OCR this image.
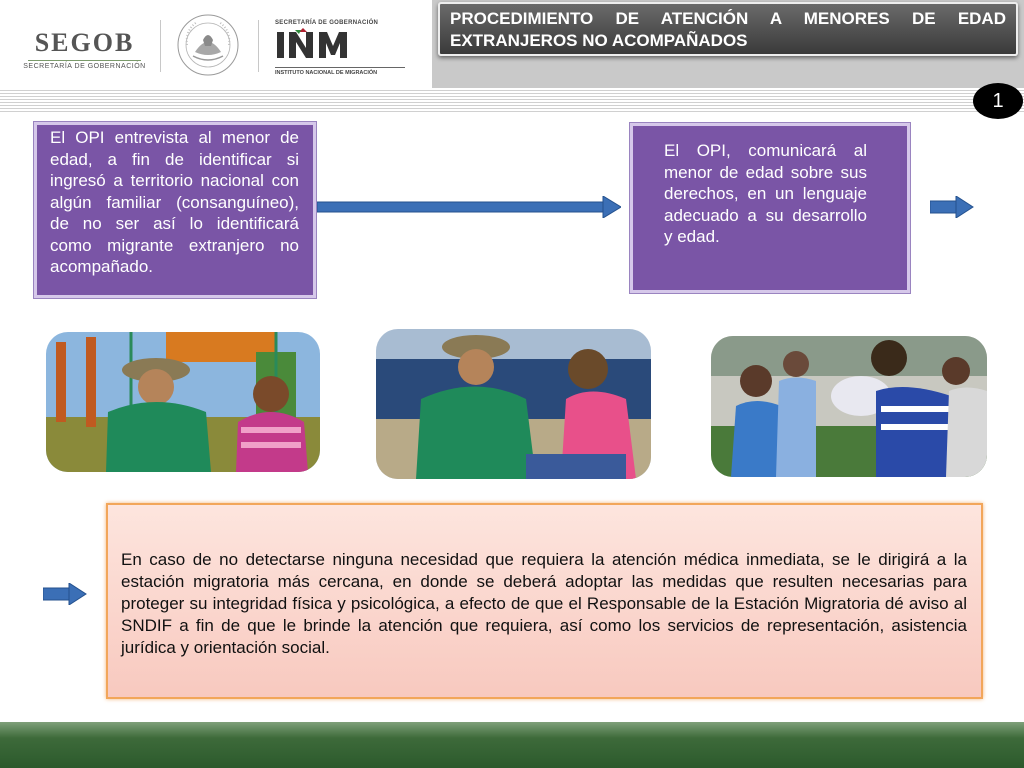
SEGOB
SECRETARÍA DE GOBERNACIÓN
SECRETARÍA DE GOBERNACIÓN
INSTITUTO NACIONAL DE MIGRACIÓN
PROCEDIMIENTO DE ATENCIÓN A MENORES DE EDAD EXTRANJEROS NO ACOMPAÑADOS
1
El OPI entrevista al menor de edad, a fin de identificar si ingresó a territorio nacional con algún familiar (consanguíneo), de no ser así lo identificará como migrante extranjero no acompañado.
El OPI, comunicará al menor de edad sobre sus derechos, en un lenguaje adecuado a su desarrollo y edad.
En caso de no detectarse ninguna necesidad que requiera la atención médica inmediata, se le dirigirá a la estación migratoria más cercana, en donde se deberá adoptar las medidas que resulten necesarias para proteger su integridad física y psicológica, a efecto de que el Responsable de la Estación Migratoria dé aviso al SNDIF a fin de que le brinde la atención que requiera, así como los servicios de representación, asistencia jurídica y orientación social.
